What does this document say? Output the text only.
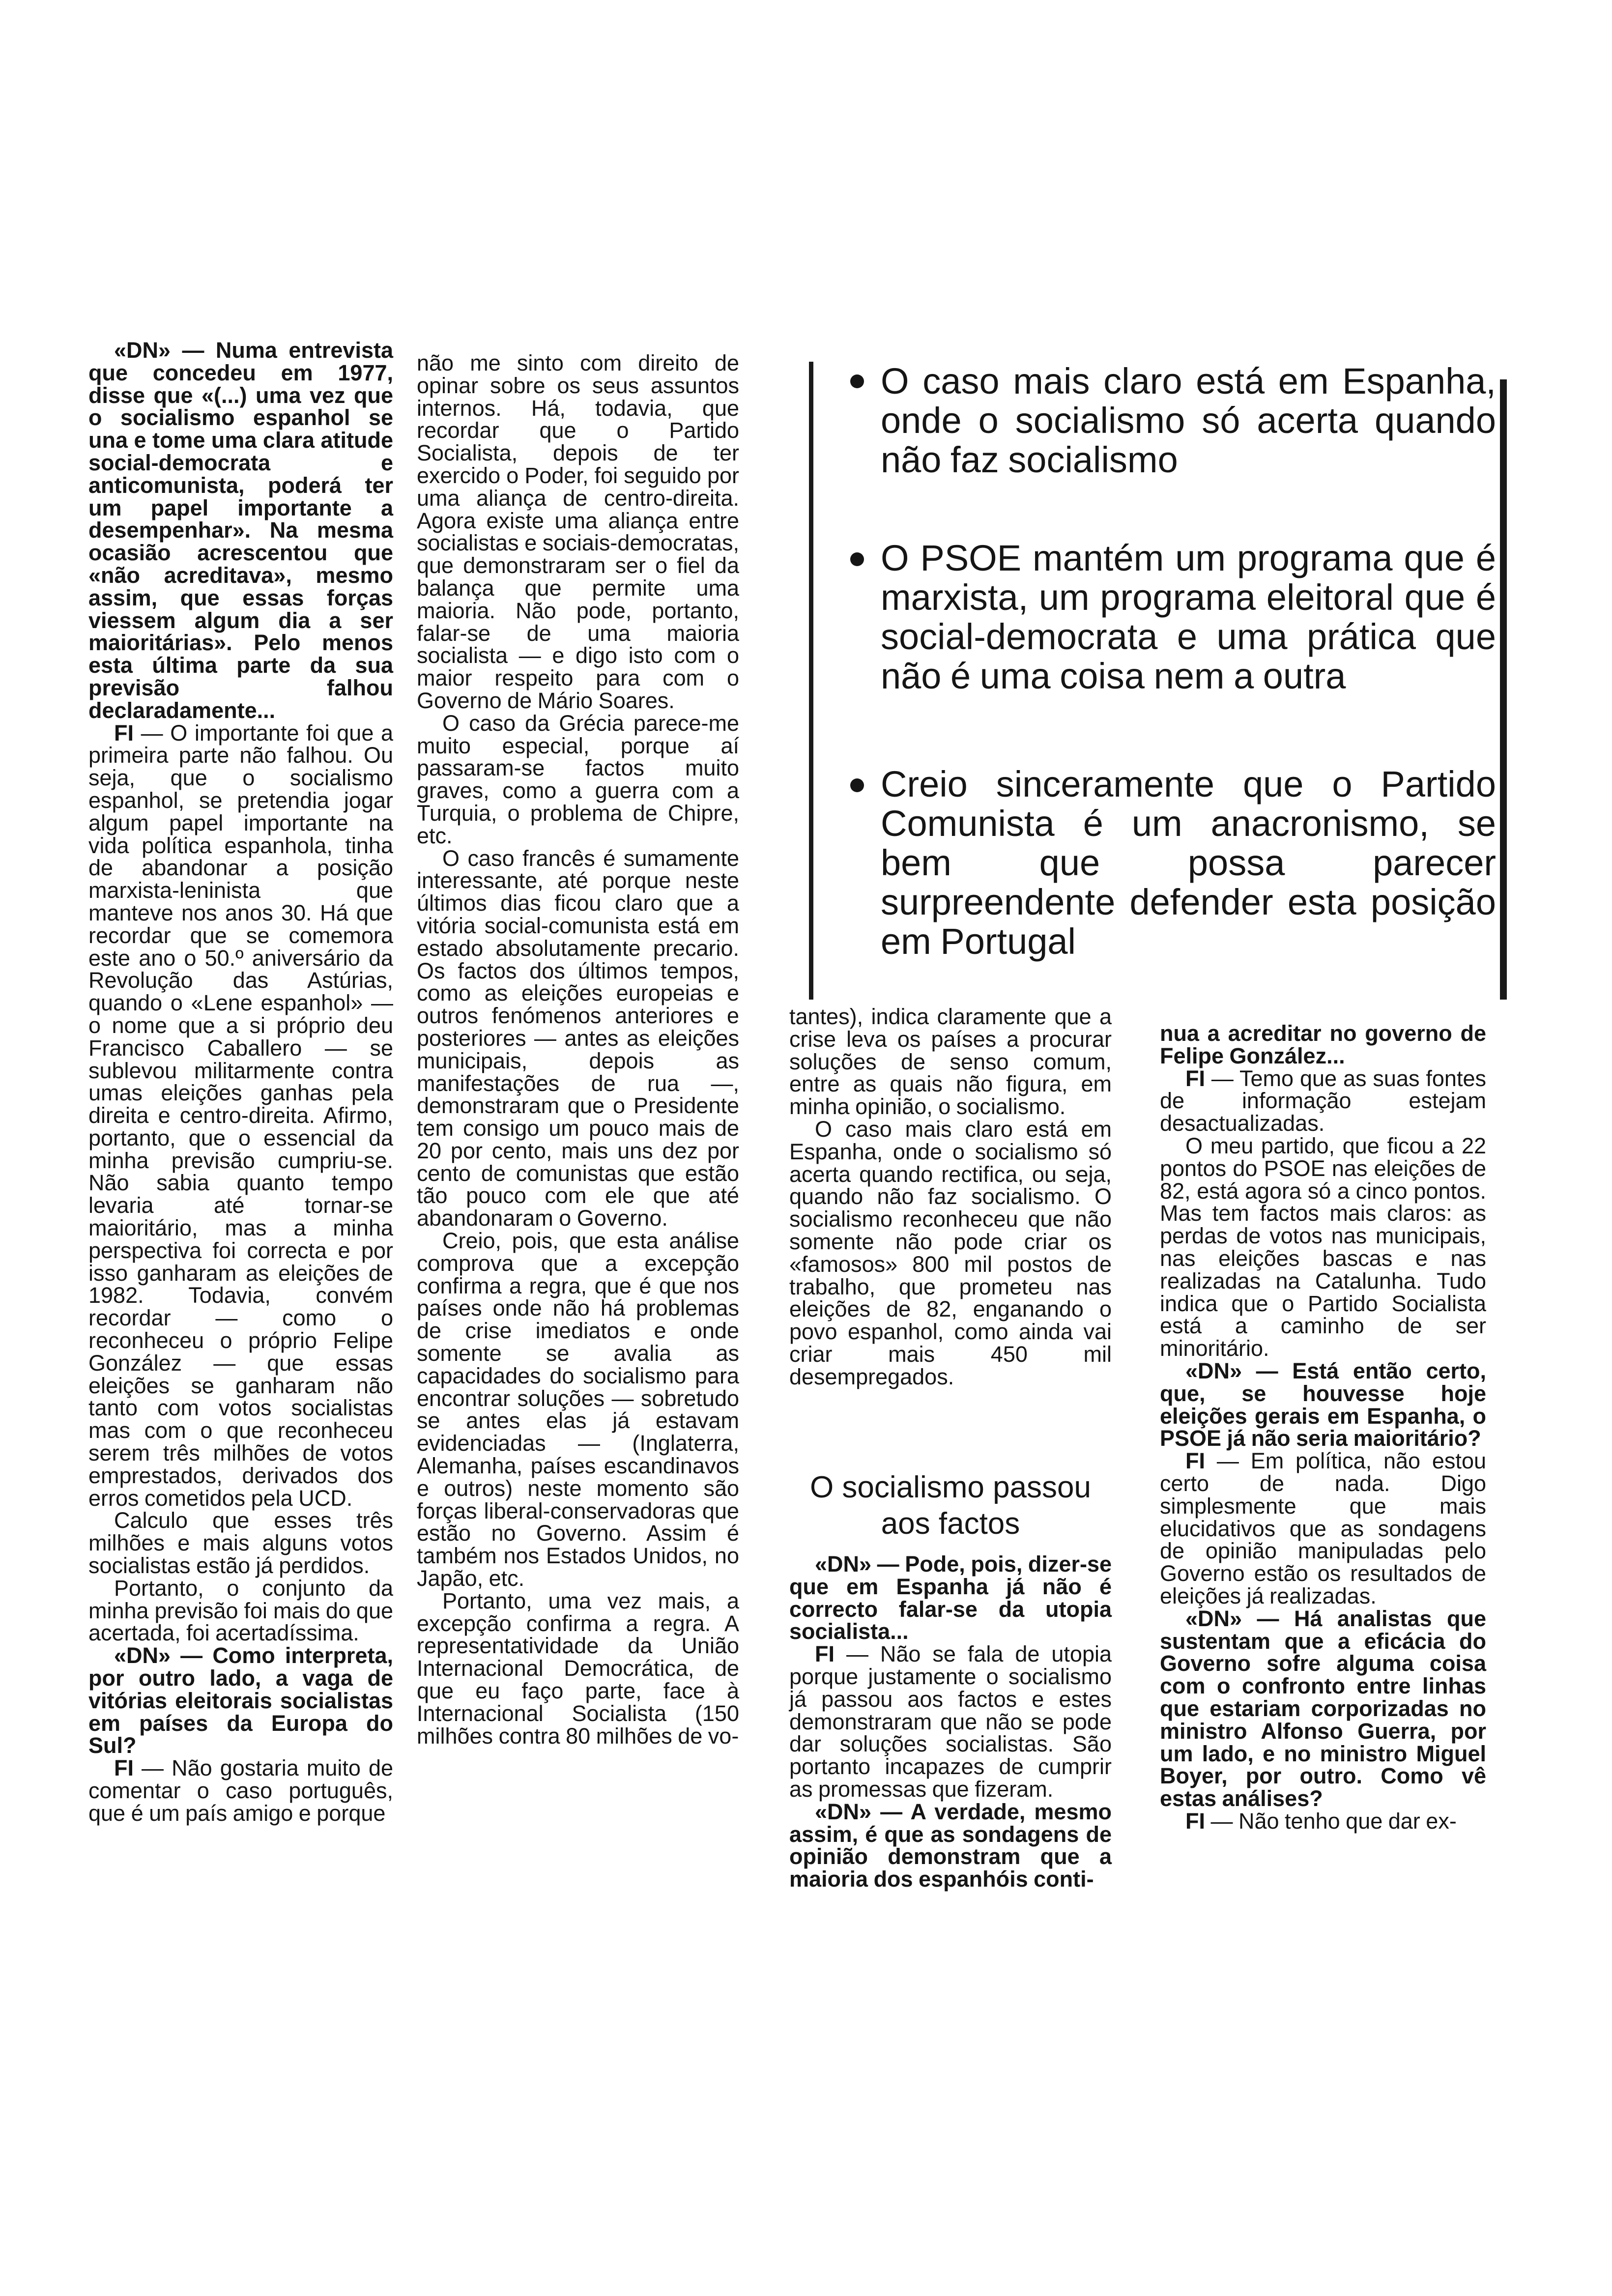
«DN» — Numa entrevista que concedeu em 1977, disse que «(...) uma vez que o socialismo espanhol se una e tome uma clara atitude social-democrata e anticomunista, poderá ter um papel importante a desempenhar». Na mesma ocasião acrescentou que «não acreditava», mesmo assim, que essas forças viessem algum dia a ser maioritárias». Pelo menos esta última parte da sua previsão falhou declaradamente...

FI — O importante foi que a primeira parte não falhou. Ou seja, que o socialismo espanhol, se pretendia jogar algum papel importante na vida política espanhola, tinha de abandonar a posição marxista-leninista que manteve nos anos 30. Há que recordar que se comemora este ano o 50.º aniversário da Revolução das Astúrias, quando o «Lene espanhol» — o nome que a si próprio deu Francisco Caballero — se sublevou militarmente contra umas eleições ganhas pela direita e centro-direita. Afirmo, portanto, que o essencial da minha previsão cumpriu-se. Não sabia quanto tempo levaria até tornar-se maioritário, mas a minha perspectiva foi correcta e por isso ganharam as eleições de 1982. Todavia, convém recordar — como o reconheceu o próprio Felipe González — que essas eleições se ganharam não tanto com votos socialistas mas com o que reconheceu serem três milhões de votos emprestados, derivados dos erros cometidos pela UCD.

Calculo que esses três milhões e mais alguns votos socialistas estão já perdidos.

Portanto, o conjunto da minha previsão foi mais do que acertada, foi acertadíssima.

«DN» — Como interpreta, por outro lado, a vaga de vitórias eleitorais socialistas em países da Europa do Sul?

FI — Não gostaria muito de comentar o caso português, que é um país amigo e porque

não me sinto com direito de opinar sobre os seus assuntos internos. Há, todavia, que recordar que o Partido Socialista, depois de ter exercido o Poder, foi seguido por uma aliança de centro-direita. Agora existe uma aliança entre socialistas e sociais-democratas, que demonstraram ser o fiel da balança que permite uma maioria. Não pode, portanto, falar-se de uma maioria socialista — e digo isto com o maior respeito para com o Governo de Mário Soares.

O caso da Grécia parece-me muito especial, porque aí passaram-se factos muito graves, como a guerra com a Turquia, o problema de Chipre, etc.

O caso francês é sumamente interessante, até porque neste últimos dias ficou claro que a vitória social-comunista está em estado absolutamente precario. Os factos dos últimos tempos, como as eleições europeias e outros fenómenos anteriores e posteriores — antes as eleições municipais, depois as manifestações de rua —, demonstraram que o Presidente tem consigo um pouco mais de 20 por cento, mais uns dez por cento de comunistas que estão tão pouco com ele que até abandonaram o Governo.

Creio, pois, que esta análise comprova que a excepção confirma a regra, que é que nos países onde não há problemas de crise imediatos e onde somente se avalia as capacidades do socialismo para encontrar soluções — sobretudo se antes elas já estavam evidenciadas — (Inglaterra, Alemanha, países escandinavos e outros) neste momento são forças liberal-conservadoras que estão no Governo. Assim é também nos Estados Unidos, no Japão, etc.

Portanto, uma vez mais, a excepção confirma a regra. A representatividade da União Internacional Democrática, de que eu faço parte, face à Internacional Socialista (150 milhões contra 80 milhões de vo-

O caso mais claro está em Espanha, onde o socialismo só acerta quando não faz socialismo
O PSOE mantém um programa que é marxista, um programa eleitoral que é social-democrata e uma prática que não é uma coisa nem a outra
Creio sinceramente que o Partido Comunista é um anacronismo, se bem que possa parecer surpreendente defender esta posição em Portugal

tantes), indica claramente que a crise leva os países a procurar soluções de senso comum, entre as quais não figura, em minha opinião, o socialismo.

O caso mais claro está em Espanha, onde o socialismo só acerta quando rectifica, ou seja, quando não faz socialismo. O socialismo reconheceu que não somente não pode criar os «famosos» 800 mil postos de trabalho, que prometeu nas eleições de 82, enganando o povo espanhol, como ainda vai criar mais 450 mil desempregados.

O socialismo passou aos factos

«DN» — Pode, pois, dizer-se que em Espanha já não é correcto falar-se da utopia socialista...

FI — Não se fala de utopia porque justamente o socialismo já passou aos factos e estes demonstraram que não se pode dar soluções socialistas. São portanto incapazes de cumprir as promessas que fizeram.

«DN» — A verdade, mesmo assim, é que as sondagens de opinião demonstram que a maioria dos espanhóis conti-

nua a acreditar no governo de Felipe González...

FI — Temo que as suas fontes de informação estejam desactualizadas.

O meu partido, que ficou a 22 pontos do PSOE nas eleições de 82, está agora só a cinco pontos. Mas tem factos mais claros: as perdas de votos nas municipais, nas eleições bascas e nas realizadas na Catalunha. Tudo indica que o Partido Socialista está a caminho de ser minoritário.

«DN» — Está então certo, que, se houvesse hoje eleições gerais em Espanha, o PSOE já não seria maioritário?

FI — Em política, não estou certo de nada. Digo simplesmente que mais elucidativos que as sondagens de opinião manipuladas pelo Governo estão os resultados de eleições já realizadas.

«DN» — Há analistas que sustentam que a eficácia do Governo sofre alguma coisa com o confronto entre linhas que estariam corporizadas no ministro Alfonso Guerra, por um lado, e no ministro Miguel Boyer, por outro. Como vê estas análises?

FI — Não tenho que dar ex-
